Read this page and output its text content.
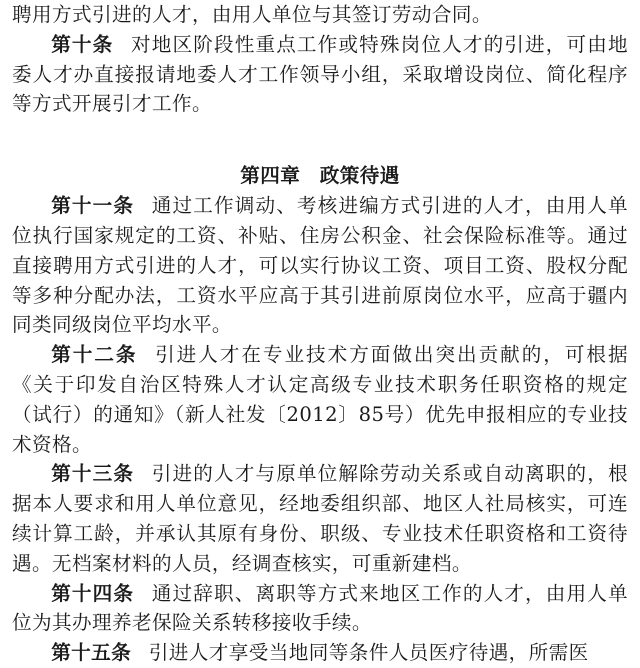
聘用方式引进的人才，由用人单位与其签订劳动合同。

第十条 对地区阶段性重点工作或特殊岗位人才的引进，可由地委人才办直接报请地委人才工作领导小组，采取增设岗位、简化程序等方式开展引才工作。

第四章 政策待遇

第十一条 通过工作调动、考核进编方式引进的人才，由用人单位执行国家规定的工资、补贴、住房公积金、社会保险标准等。通过直接聘用方式引进的人才，可以实行协议工资、项目工资、股权分配等多种分配办法，工资水平应高于其引进前原岗位水平，应高于疆内同类同级岗位平均水平。

第十二条 引进人才在专业技术方面做出突出贡献的，可根据《关于印发自治区特殊人才认定高级专业技术职务任职资格的规定（试行）的通知》（新人社发〔2012〕85号）优先申报相应的专业技术资格。

第十三条 引进的人才与原单位解除劳动关系或自动离职的，根据本人要求和用人单位意见，经地委组织部、地区人社局核实，可连续计算工龄，并承认其原有身份、职级、专业技术任职资格和工资待遇。无档案材料的人员，经调查核实，可重新建档。

第十四条 通过辞职、离职等方式来地区工作的人才，由用人单位为其办理养老保险关系转移接收手续。

第十五条 引进人才享受当地同等条件人员医疗待遇，所需医
